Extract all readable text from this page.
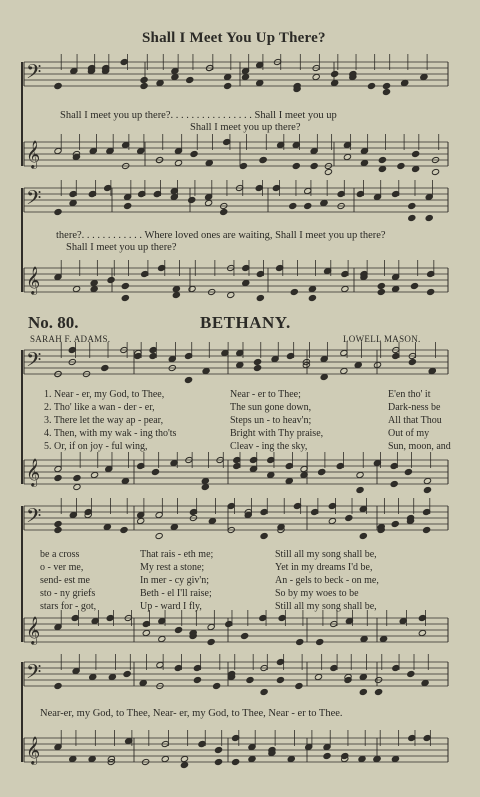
𝄢
𝄞
𝄢
𝄞
𝄢
𝄞
𝄢
𝄞
𝄢
𝄞
Shall I Meet You Up There?
Shall I meet you up there?. . . . . . . . . . . . . . . . Shall I meet you up
Shall I meet you up there?
there?. . . . . . . . . . . . Where loved ones are waiting, Shall I meet you up there?
Shall I meet you up there?
No. 80.	BETHANY.
SARAH F. ADAMS.	LOWELL MASON.
1. Near - er, my God, to Thee,	Near - er to Thee;	E'en tho' it
2. Tho' like a wan - der - er,	The sun gone down,	Dark-ness be
3. There let the way ap - pear,	Steps un - to heav'n;	All that Thou
4. Then, with my wak - ing tho'ts	Bright with Thy praise,	Out of my
5. Or, if on joy - ful wing,	Cleav - ing the sky,	Sun, moon, and
be a cross	That rais - eth me;	Still all my song shall be,
o - ver me,	My rest a stone;	Yet in my dreams I'd be,
send- est me	In mer - cy giv'n;	An - gels to beck - on me,
sto - ny griefs	Beth - el I'll raise;	So by my woes to be
stars for - got,	Up - ward I fly,	Still all my song shall be,
Near-er, my God, to Thee, Near- er, my God, to Thee, Near - er to Thee.
